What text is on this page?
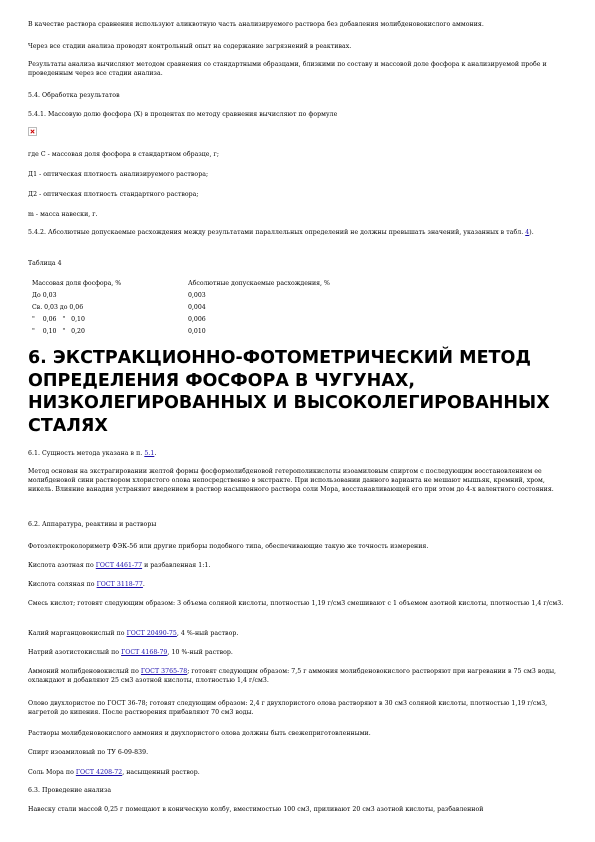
В качестве раствора сравнения используют аликвотную часть анализируемого раствора без добавления молибденовокислого аммония.
Через все стадии анализа проводят контрольный опыт на содержание загрязнений в реактивах.
Результаты анализа вычисляют методом сравнения со стандартными образцами, близкими по составу и массовой доле фосфора к анализируемой пробе и проведенным через все стадии анализа.
5.4. Обработка результатов
5.4.1. Массовую долю фосфора (X) в процентах по методу сравнения вычисляют по формуле
где С - массовая доля фосфора в стандартном образце, г;
Д1 - оптическая плотность анализируемого раствора;
Д2 - оптическая плотность стандартного раствора;
m - масса навески, г.
5.4.2. Абсолютные допускаемые расхождения между результатами параллельных определений не должны превышать значений, указанных в табл. 4).
Таблица 4
Массовая доля фосфора, %	Абсолютные допускаемые расхождения, %
До 0,03	0,003
Св. 0,03 до 0,06	0,004
"    0,06   "   0,10	0,006
"    0,10   "   0,20	0,010
6. ЭКСТРАКЦИОННО-ФОТОМЕТРИЧЕСКИЙ МЕТОД ОПРЕДЕЛЕНИЯ ФОСФОРА В ЧУГУНАХ, НИЗКОЛЕГИРОВАННЫХ И ВЫСОКОЛЕГИРОВАННЫХ СТАЛЯХ
6.1. Сущность метода указана в п. 5.1.
Метод основан на экстрагировании желтой формы фосформолибденовой гетерополикислоты изоамиловым спиртом с последующим восстановлением ее молибденовой сини раствором хлористого олова непосредственно в экстракте. При использовании данного варианта не мешают мышьяк, кремний, хром, никель. Влияние ванадия устраняют введением в раствор насыщенного раствора соли Мора, восстанавливающей его при этом до 4-х валентного состояния.
6.2. Аппаратура, реактивы и растворы
Фотоэлектроколориметр ФЭК-56 или другие приборы подобного типа, обеспечивающие такую же точность измерения.
Кислота азотная по ГОСТ 4461-77 и разбавленная 1:1.
Кислота соляная по ГОСТ 3118-77.
Смесь кислот; готовят следующим образом: 3 объема соляной кислоты, плотностью 1,19 г/см3 смешивают с 1 объемом азотной кислоты, плотностью 1,4 г/см3.
Калий марганцовокислый по ГОСТ 20490-75, 4 %-ный раствор.
Натрий азотистокислый по ГОСТ 4168-79, 10 %-ный раствор.
Аммоний молибденовокислый по ГОСТ 3765-78; готовят следующим образом: 7,5 г аммония молибденовокислого растворяют при нагревании в 75 см3 воды, охлаждают и добавляют 25 см3 азотной кислоты, плотностью 1,4 г/см3.
Олово двухлористое по ГОСТ 36-78; готовят следующим образом: 2,4 г двухлористого олова растворяют в 30 см3 соляной кислоты, плотностью 1,19 г/см3, нагретой до кипения. После растворения прибавляют 70 см3 воды.
Растворы молибденовокислого аммония и двухлористого олова должны быть свежеприготовленными.
Спирт изоамиловый по ТУ 6-09-839.
Соль Мора по ГОСТ 4208-72, насыщенный раствор.
6.3. Проведение анализа
Навеску стали массой 0,25 г помещают в коническую колбу, вместимостью 100 см3, приливают 20 см3 азотной кислоты, разбавленной
